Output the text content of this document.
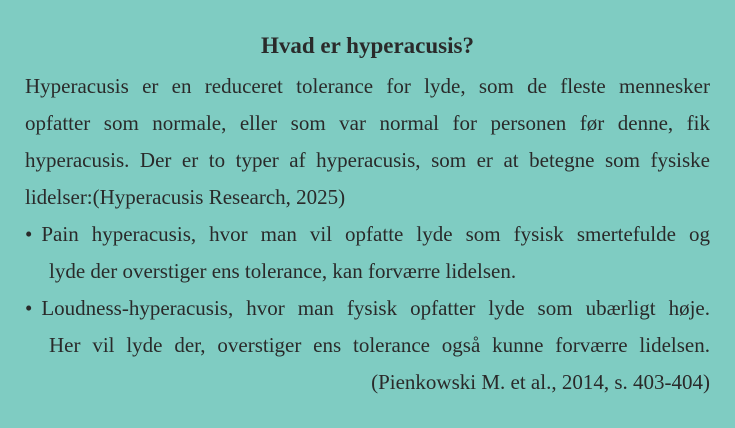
Hvad er hyperacusis?
Hyperacusis er en reduceret tolerance for lyde, som de fleste mennesker
opfatter som normale, eller som var normal for personen før denne, fik
hyperacusis. Der er to typer af hyperacusis, som er at betegne som fysiske
lidelser:(Hyperacusis Research, 2025)
• Pain hyperacusis, hvor man vil opfatte lyde som fysisk smertefulde og
lyde der overstiger ens tolerance, kan forværre lidelsen.
• Loudness-hyperacusis, hvor man fysisk opfatter lyde som ubærligt høje.
Her vil lyde der, overstiger ens tolerance også kunne forværre lidelsen.
(Pienkowski M. et al., 2014, s. 403-404)
